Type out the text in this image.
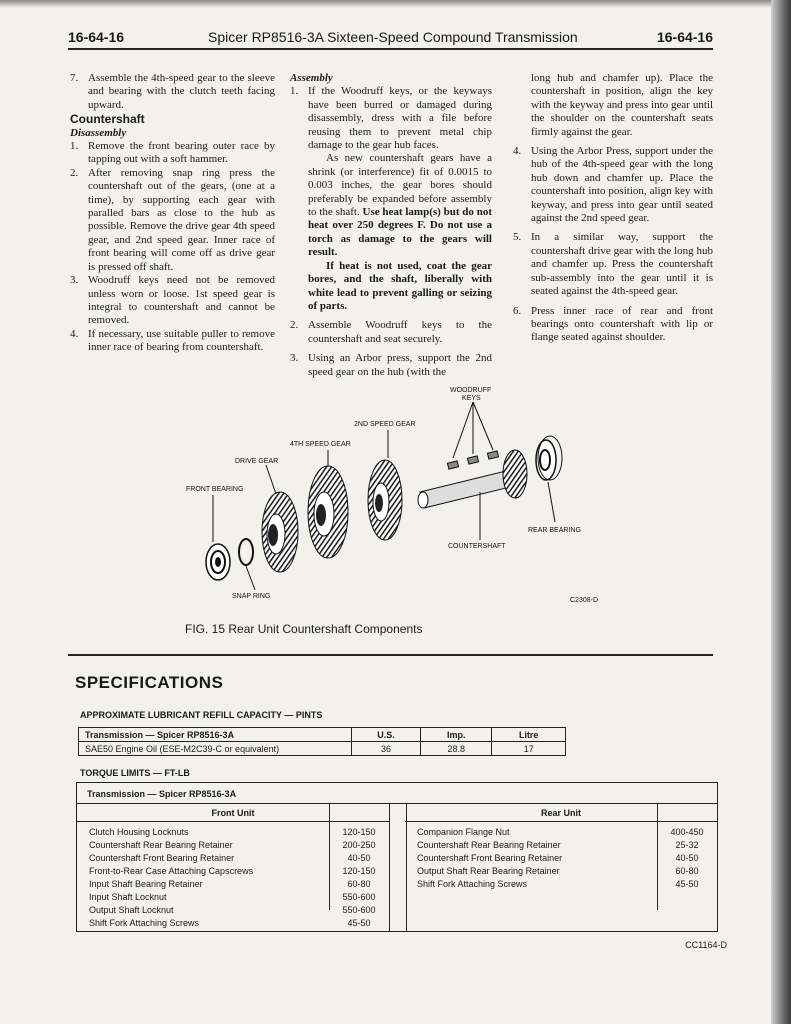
16-64-16	Spicer RP8516-3A Sixteen-Speed Compound Transmission	16-64-16
7. Assemble the 4th-speed gear to the sleeve and bearing with the clutch teeth facing upward.
Countershaft
Disassembly
1. Remove the front bearing outer race by tapping out with a soft hammer.
2. After removing snap ring press the countershaft out of the gears, (one at a time), by supporting each gear with paralled bars as close to the hub as possible. Remove the drive gear 4th speed gear, and 2nd speed gear. Inner race of front bearing will come off as drive gear is pressed off shaft.
3. Woodruff keys need not be removed unless worn or loose. 1st speed gear is integral to countershaft and cannot be removed.
4. If necessary, use suitable puller to remove inner race of bearing from countershaft.
Assembly
1. If the Woodruff keys, or the keyways have been burred or damaged during disassembly, dress with a file before reusing them to prevent metal chip damage to the gear hub faces.
As new countershaft gears have a shrink (or interference) fit of 0.0015 to 0.003 inches, the gear bores should preferably be expanded before assembly to the shaft. Use heat lamp(s) but do not heat over 250 degrees F. Do not use a torch as damage to the gears will result.
If heat is not used, coat the gear bores, and the shaft, liberally with white lead to prevent galling or seizing of parts.
2. Assemble Woodruff keys to the countershaft and seat securely.
3. Using an Arbor press, support the 2nd speed gear on the hub (with the
long hub and chamfer up). Place the countershaft in position, align the key with the keyway and press into gear until the shoulder on the countershaft seats firmly against the gear.
4. Using the Arbor Press, support under the hub of the 4th-speed gear with the long hub down and chamfer up. Place the countershaft into position, align key with keyway, and press into gear until seated against the 2nd speed gear.
5. In a similar way, support the countershaft drive gear with the long hub and chamfer up. Press the countershaft sub-assembly into the gear until it is seated against the 4th-speed gear.
6. Press inner race of rear and front bearings onto countershaft with lip or flange seated against shoulder.
WOODRUFF
KEYS
2ND SPEED GEAR
4TH SPEED GEAR
DRIVE GEAR
FRONT BEARING
REAR BEARING
COUNTERSHAFT
SNAP RING
C2308-D
FIG. 15 Rear Unit Countershaft Components
SPECIFICATIONS
APPROXIMATE LUBRICANT REFILL CAPACITY — PINTS
Transmission — Spicer RP8516-3A	U.S.	Imp.	Litre
SAE50 Engine Oil (ESE-M2C39-C or equivalent)	36	28.8	17
TORQUE LIMITS — FT-LB
Transmission — Spicer RP8516-3A
Front Unit
Clutch Housing Locknuts	120-150
Countershaft Rear Bearing Retainer	200-250
Countershaft Front Bearing Retainer	40-50
Front-to-Rear Case Attaching Capscrews	120-150
Input Shaft Bearing Retainer	60-80
Input Shaft Locknut	550-600
Output Shaft Locknut	550-600
Shift Fork Attaching Screws	45-50
Rear Unit
Companion Flange Nut	400-450
Countershaft Rear Bearing Retainer	25-32
Countershaft Front Bearing Retainer	40-50
Output Shaft Rear Bearing Retainer	60-80
Shift Fork Attaching Screws	45-50
CC1164-D
